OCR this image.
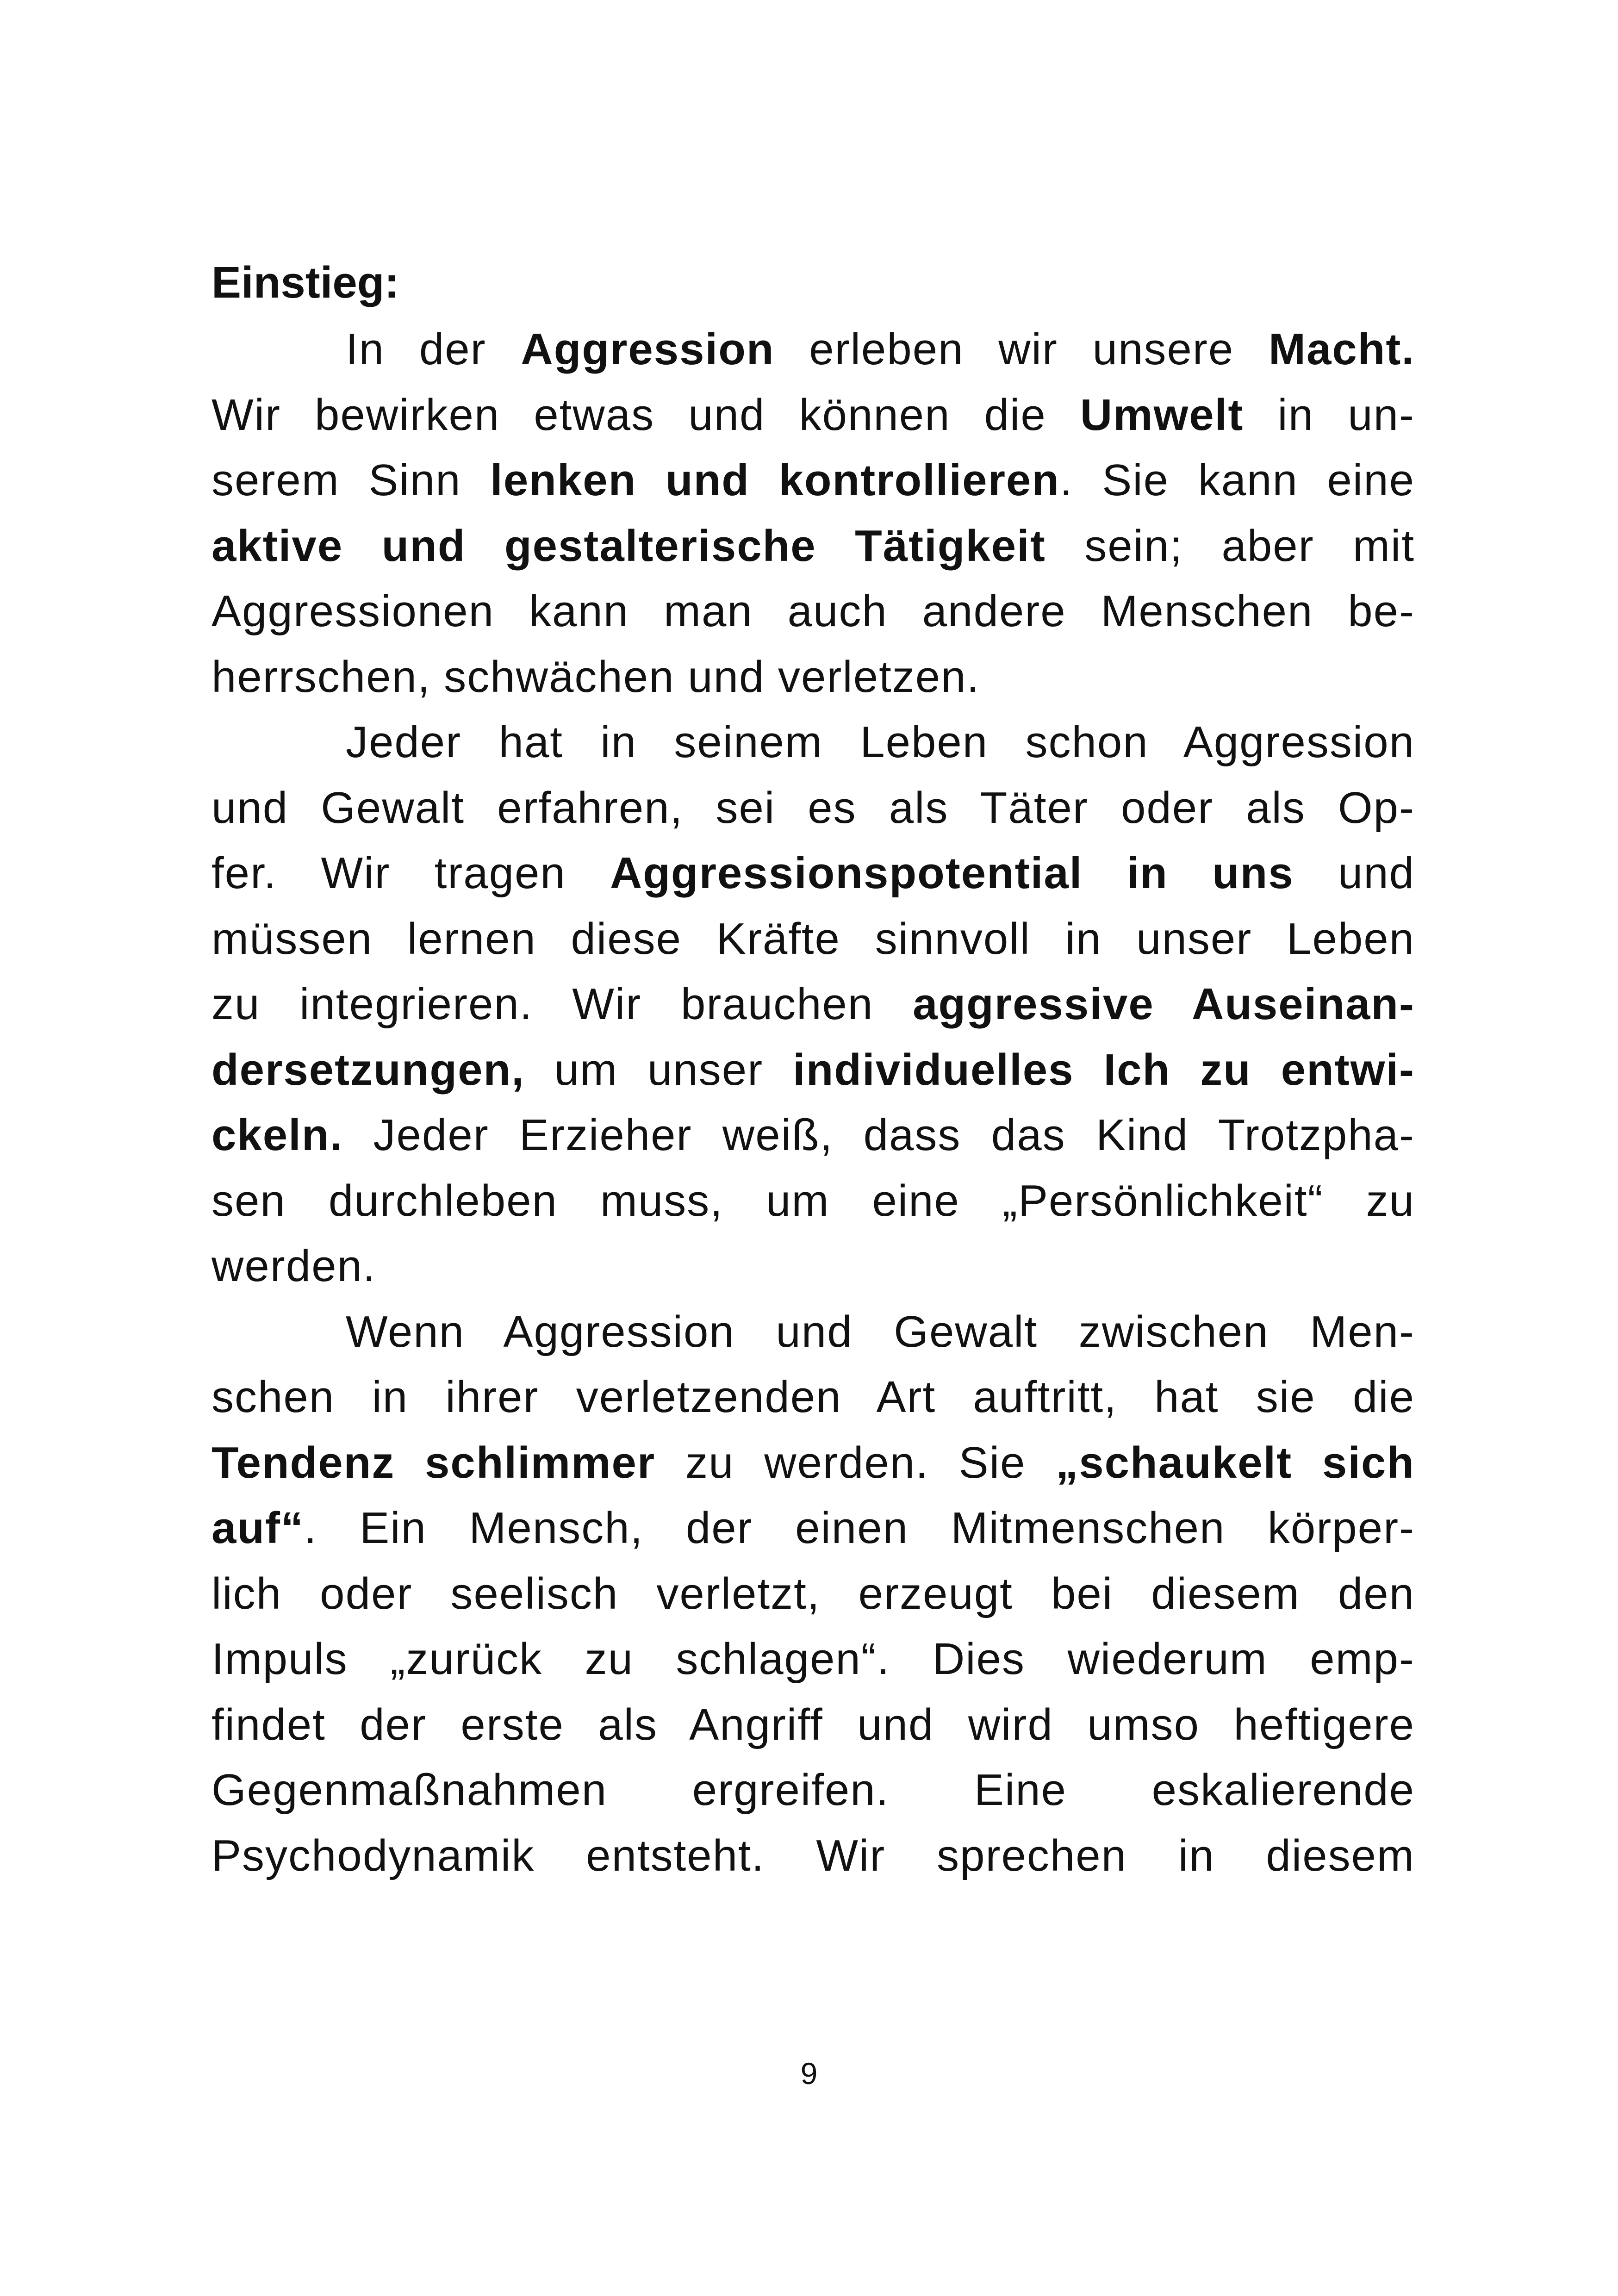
Einstieg:
In der Aggression erleben wir unsere Macht.
Wir bewirken etwas und können die Umwelt in un-
serem Sinn lenken und kontrollieren. Sie kann eine
aktive und gestalterische Tätigkeit sein; aber mit
Aggressionen kann man auch andere Menschen be-
herrschen, schwächen und verletzen.
Jeder hat in seinem Leben schon Aggression
und Gewalt erfahren, sei es als Täter oder als Op-
fer. Wir tragen Aggressionspotential in uns und
müssen lernen diese Kräfte sinnvoll in unser Leben
zu integrieren. Wir brauchen aggressive Auseinan-
dersetzungen, um unser individuelles Ich zu entwi-
ckeln. Jeder Erzieher weiß, dass das Kind Trotzpha-
sen durchleben muss, um eine „Persönlichkeit“ zu
werden.
Wenn Aggression und Gewalt zwischen Men-
schen in ihrer verletzenden Art auftritt, hat sie die
Tendenz schlimmer zu werden. Sie „schaukelt sich
auf“. Ein Mensch, der einen Mitmenschen körper-
lich oder seelisch verletzt, erzeugt bei diesem den
Impuls „zurück zu schlagen“. Dies wiederum emp-
findet der erste als Angriff und wird umso heftigere
Gegenmaßnahmen ergreifen. Eine eskalierende
Psychodynamik entsteht. Wir sprechen in diesem
9
